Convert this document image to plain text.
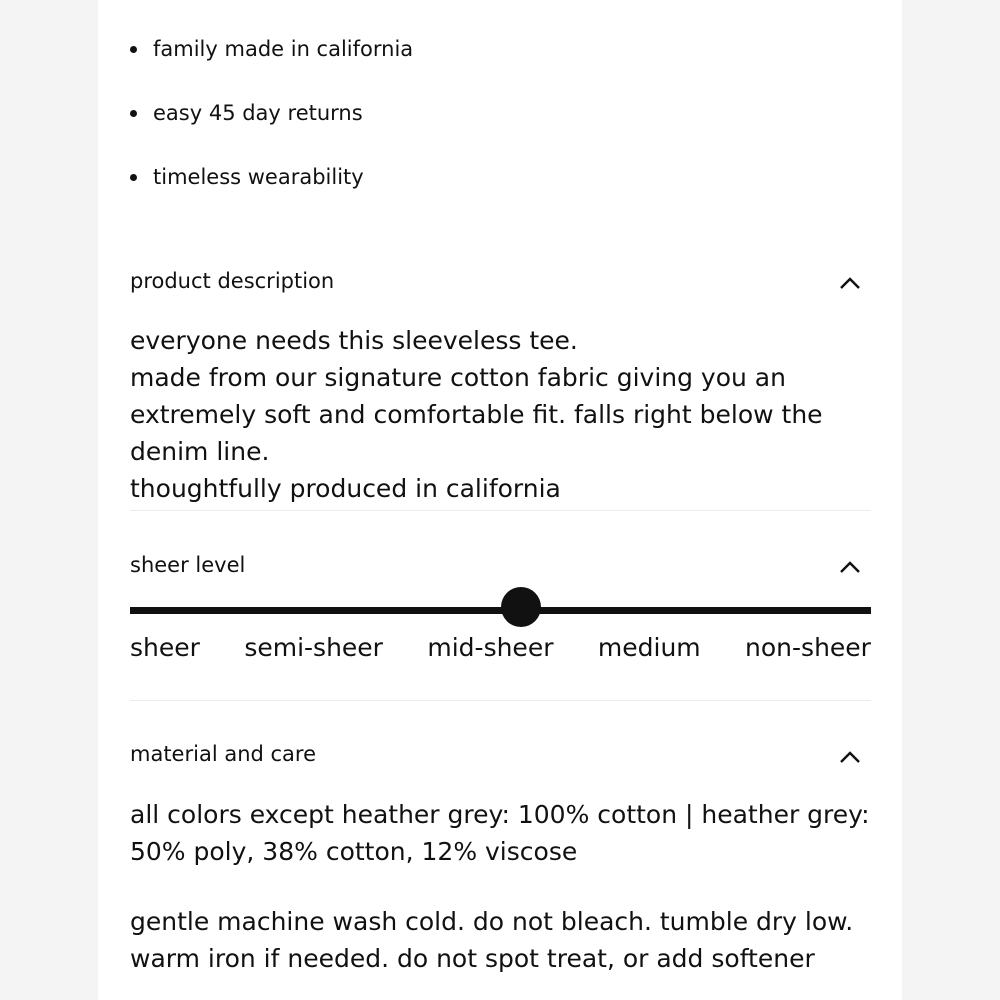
family made in california
easy 45 day returns
timeless wearability
product description

everyone needs this sleeveless tee.

made from our signature cotton fabric giving you an extremely soft and comfortable fit. falls right below the denim line.

thoughtfully produced in california

sheer level
sheer semi-sheer mid-sheer medium non-sheer
material and care
all colors except heather grey: 100% cotton | heather grey: 50% poly, 38% cotton, 12% viscose
gentle machine wash cold. do not bleach. tumble dry low. warm iron if needed. do not spot treat, or add softener
